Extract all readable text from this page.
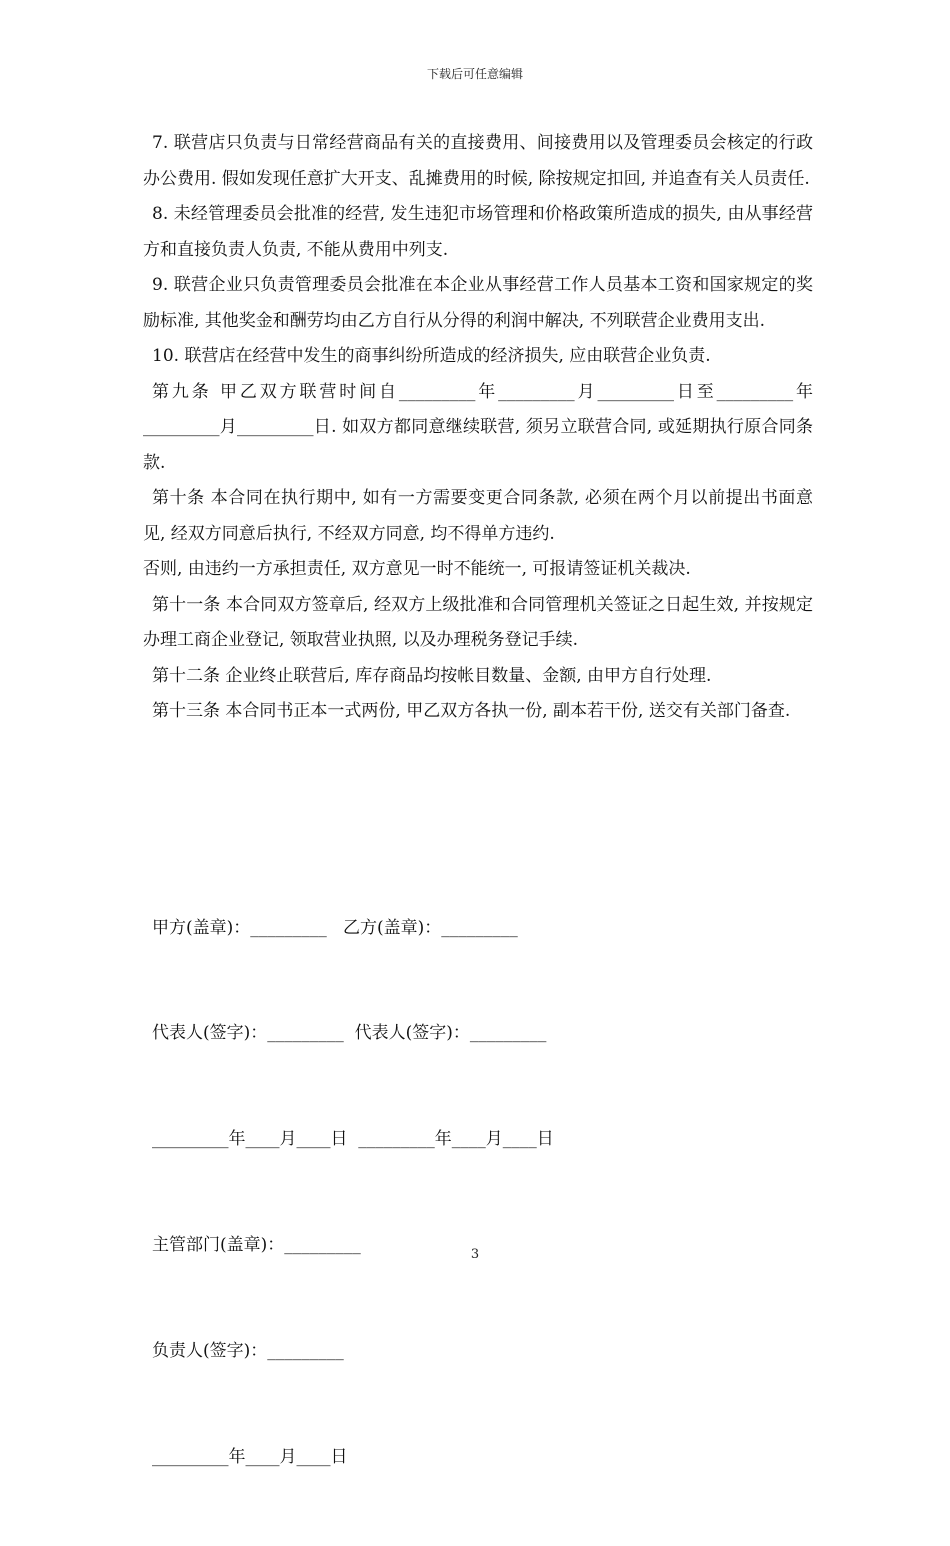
下载后可任意编辑

7. 联营店只负责与日常经营商品有关的直接费用、间接费用以及管理委员会核定的行政办公费用. 假如发现任意扩大开支、乱摊费用的时候, 除按规定扣回, 并追查有关人员责任.

8. 未经管理委员会批准的经营, 发生违犯市场管理和价格政策所造成的损失, 由从事经营方和直接负责人负责, 不能从费用中列支.

9. 联营企业只负责管理委员会批准在本企业从事经营工作人员基本工资和国家规定的奖励标准, 其他奖金和酬劳均由乙方自行从分得的利润中解决, 不列联营企业费用支出.

10. 联营店在经营中发生的商事纠纷所造成的经济损失, 应由联营企业负责.

第九条 甲乙双方联营时间自_________年_________月_________日至_________年_________月_________日. 如双方都同意继续联营, 须另立联营合同, 或延期执行原合同条款.

第十条 本合同在执行期中, 如有一方需要变更合同条款, 必须在两个月以前提出书面意见, 经双方同意后执行, 不经双方同意, 均不得单方违约.

否则, 由违约一方承担责任, 双方意见一时不能统一, 可报请签证机关裁决.

第十一条 本合同双方签章后, 经双方上级批准和合同管理机关签证之日起生效, 并按规定办理工商企业登记, 领取营业执照, 以及办理税务登记手续.

第十二条 企业终止联营后, 库存商品均按帐目数量、金额, 由甲方自行处理.

第十三条 本合同书正本一式两份, 甲乙双方各执一份, 副本若干份, 送交有关部门备查.

甲方(盖章)：_________   乙方(盖章)：_________

代表人(签字)：_________  代表人(签字)：_________

_________年____月____日  _________年____月____日

主管部门(盖章)：_________

负责人(签字)：_________

_________年____月____日

3
